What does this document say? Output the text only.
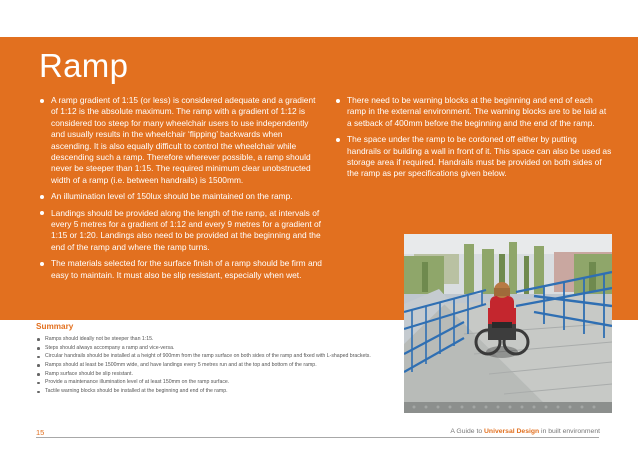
Ramp
A ramp gradient of 1:15 (or less) is considered adequate and a gradient of 1:12 is the absolute maximum. The ramp with a gradient of 1:12 is considered too steep for many wheelchair users to use independently and usually results in the wheelchair ‘flipping’ backwards when ascending. It is also equally difficult to control the wheelchair while descending such a ramp. Therefore wherever possible, a ramp should never be steeper than 1:15. The required minimum clear unobstructed width of a ramp (i.e. between handrails) is 1500mm.
An illumination level of 150lux should be maintained on the ramp.
Landings should be provided along the length of the ramp, at intervals of every 5 metres for a gradient of 1:12 and every 9 metres for a gradient of 1:15 or 1:20. Landings also need to be provided at the beginning and the end of the ramp and where the ramp turns.
The materials selected for the surface finish of a ramp should be firm and easy to maintain. It must also be slip resistant, especially when wet.
There need to be warning blocks at the beginning and end of each ramp in the external environment. The warning blocks are to be laid at a setback of 400mm before the beginning and the end of the ramp.
The space under the ramp to be cordoned off either by putting handrails or building a wall in front of it. This space can also be used as storage area if required. Handrails must be provided on both sides of the ramp as per specifications given below.
Summary
Ramps should ideally not be steeper than 1:15.
Steps should always accompany a ramp and vice-versa.
Circular handrails should be installed at a height of 900mm from the ramp surface on both sides of the ramp and fixed with L-shaped brackets.
Ramps should at least be 1500mm wide, and have landings every 5 metres run and at the top and bottom of the ramp.
Ramp surface should be slip resistant.
Provide a maintenance illumination level of at least 150mm on the ramp surface.
Tactile warning blocks should be installed at the beginning and end of the ramp.
15	A Guide to Universal Design in built environment
